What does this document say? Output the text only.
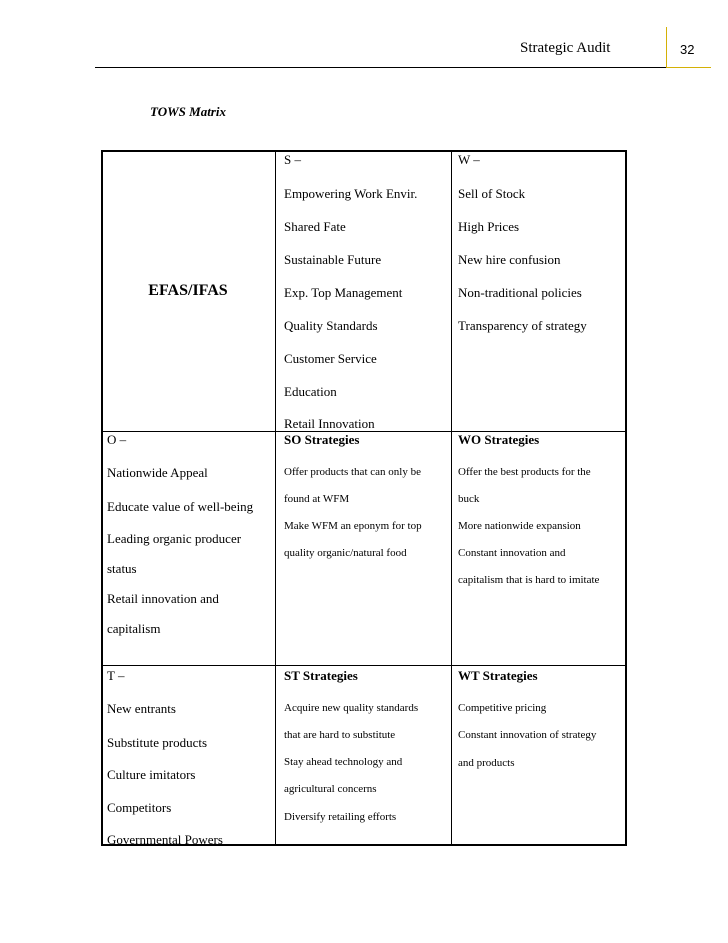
Strategic Audit	32
TOWS Matrix
EFAS/IFAS
S –
Empowering Work Envir.
Shared Fate
Sustainable Future
Exp. Top Management
Quality Standards
Customer Service
Education
Retail Innovation
W –
Sell of Stock
High Prices
New hire confusion
Non-traditional policies
Transparency of strategy
O –
Nationwide Appeal
Educate value of well-being
Leading organic producer
status
Retail innovation and
capitalism
SO Strategies
Offer products that can only be
found at WFM
Make WFM an eponym for top
quality organic/natural food
WO Strategies
Offer the best products for the
buck
More nationwide expansion
Constant innovation and
capitalism that is hard to imitate
T –
New entrants
Substitute products
Culture imitators
Competitors
Governmental Powers
ST Strategies
Acquire new quality standards
that are hard to substitute
Stay ahead technology and
agricultural concerns
Diversify retailing efforts
WT Strategies
Competitive pricing
Constant innovation of strategy
and products
